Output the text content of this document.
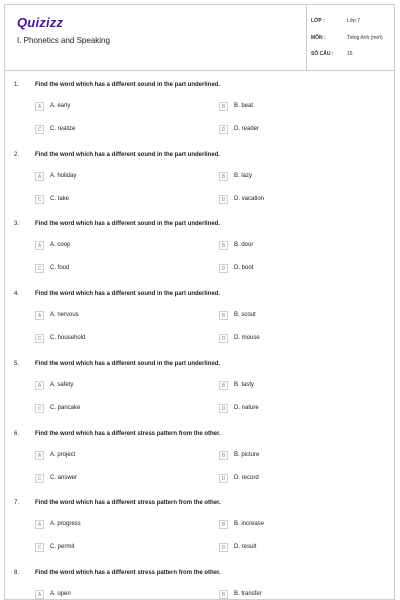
Quizizz
I. Phonetics and Speaking
LỚP :	Lớp 7
MÔN :	Tiếng Anh (mới)
SỐ CÂU :	15
1.	Find the word which has a different sound in the part underlined.
A	A. early	B	B. beat
C	C. realize	D	D. reader
2.	Find the word which has a different sound in the part underlined.
A	A. holiday	B	B. lazy
C	C. take	D	D. vacation
3.	Find the word which has a different sound in the part underlined.
A	A. coop	B	B. door
C	C. food	D	D. boot
4.	Find the word which has a different sound in the part underlined.
A	A. nervous	B	B. scout
C	C. household	D	D. mouse
5.	Find the word which has a different sound in the part underlined.
A	A. safety	B	B. tasty
C	C. pancake	D	D. nature
6.	Find the word which has a different stress pattern from the other.
A	A. project	B	B. picture
C	C. answer	D	D. record
7.	Find the word which has a different stress pattern from the other.
A	A. progress	B	B. increase
C	C. permit	D	D. result
8.	Find the word which has a different stress pattern from the other.
A	A. open	B	B. transfer
